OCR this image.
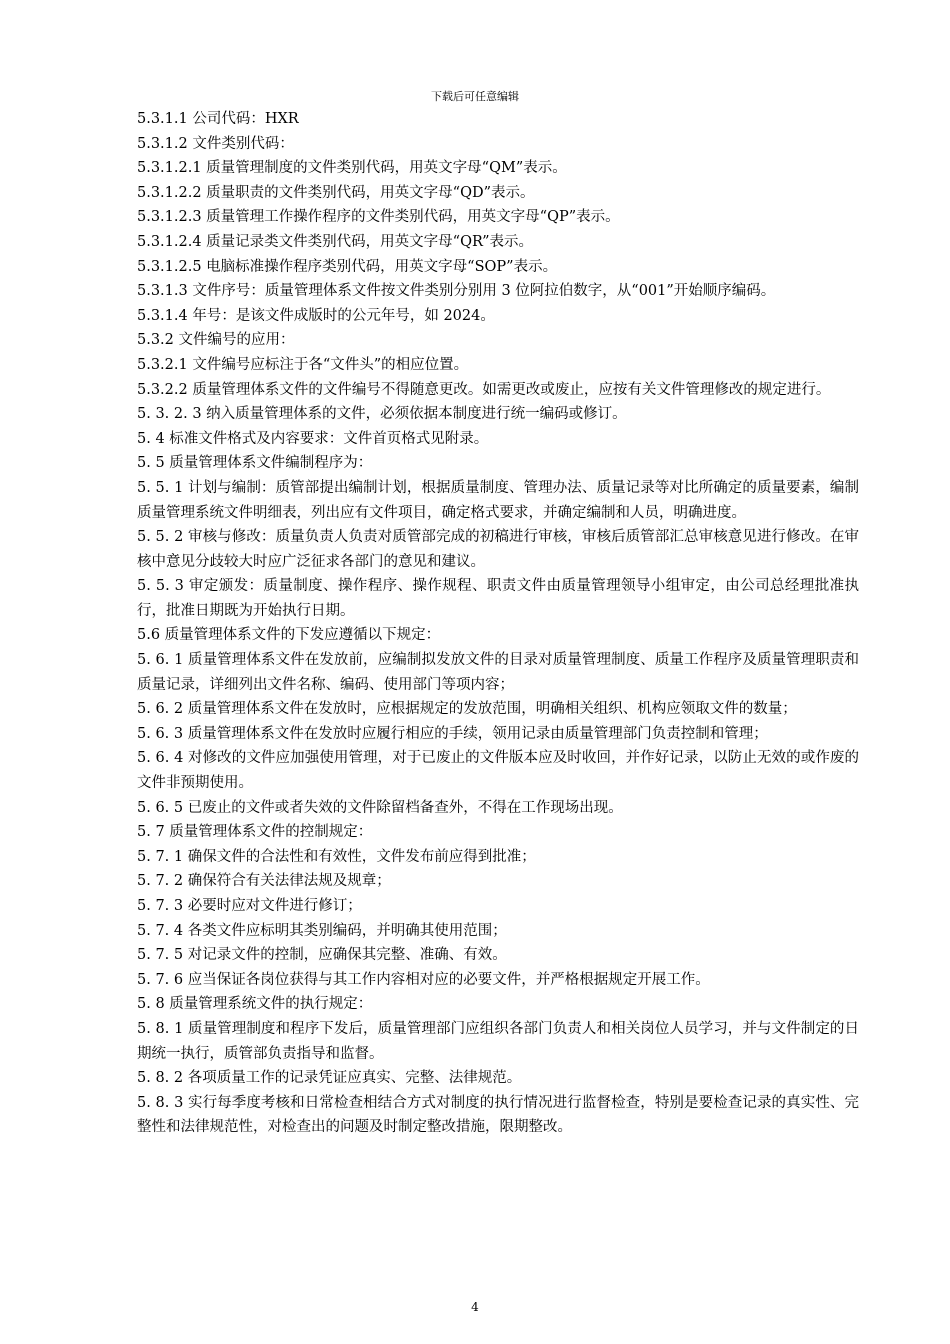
下载后可任意编辑

5.3.1.1 公司代码：HXR

5.3.1.2 文件类别代码：

5.3.1.2.1 质量管理制度的文件类别代码，用英文字母“QM”表示。

5.3.1.2.2 质量职责的文件类别代码，用英文字母“QD”表示。

5.3.1.2.3 质量管理工作操作程序的文件类别代码，用英文字母“QP”表示。

5.3.1.2.4 质量记录类文件类别代码，用英文字母“QR”表示。

5.3.1.2.5 电脑标准操作程序类别代码，用英文字母“SOP”表示。

5.3.1.3 文件序号：质量管理体系文件按文件类别分别用 3 位阿拉伯数字，从“001”开始顺序编码。

5.3.1.4 年号：是该文件成版时的公元年号，如 2024。

5.3.2 文件编号的应用：

5.3.2.1 文件编号应标注于各“文件头”的相应位置。

5.3.2.2 质量管理体系文件的文件编号不得随意更改。如需更改或废止，应按有关文件管理修改的规定进行。

5. 3. 2. 3 纳入质量管理体系的文件，必须依据本制度进行统一编码或修订。

5. 4 标准文件格式及内容要求：文件首页格式见附录。

5. 5 质量管理体系文件编制程序为：

5. 5. 1 计划与编制：质管部提出编制计划，根据质量制度、管理办法、质量记录等对比所确定的质量要素，编制质量管理系统文件明细表，列出应有文件项目，确定格式要求，并确定编制和人员，明确进度。

5. 5. 2 审核与修改：质量负责人负责对质管部完成的初稿进行审核，审核后质管部汇总审核意见进行修改。在审核中意见分歧较大时应广泛征求各部门的意见和建议。

5. 5. 3 审定颁发：质量制度、操作程序、操作规程、职责文件由质量管理领导小组审定，由公司总经理批准执行，批准日期既为开始执行日期。

5.6 质量管理体系文件的下发应遵循以下规定：

5. 6. 1 质量管理体系文件在发放前，应编制拟发放文件的目录对质量管理制度、质量工作程序及质量管理职责和质量记录，详细列出文件名称、编码、使用部门等项内容；

5. 6. 2 质量管理体系文件在发放时，应根据规定的发放范围，明确相关组织、机构应领取文件的数量；

5. 6. 3 质量管理体系文件在发放时应履行相应的手续，领用记录由质量管理部门负责控制和管理；

5. 6. 4 对修改的文件应加强使用管理，对于已废止的文件版本应及时收回，并作好记录，以防止无效的或作废的文件非预期使用。

5. 6. 5 已废止的文件或者失效的文件除留档备查外，不得在工作现场出现。

5. 7 质量管理体系文件的控制规定：

5. 7. 1 确保文件的合法性和有效性，文件发布前应得到批准；

5. 7. 2 确保符合有关法律法规及规章；

5. 7. 3 必要时应对文件进行修订；

5. 7. 4 各类文件应标明其类别编码，并明确其使用范围；

5. 7. 5 对记录文件的控制，应确保其完整、准确、有效。

5. 7. 6 应当保证各岗位获得与其工作内容相对应的必要文件，并严格根据规定开展工作。

5. 8 质量管理系统文件的执行规定：

5. 8. 1 质量管理制度和程序下发后，质量管理部门应组织各部门负责人和相关岗位人员学习，并与文件制定的日期统一执行，质管部负责指导和监督。

5. 8. 2 各项质量工作的记录凭证应真实、完整、法律规范。

5. 8. 3 实行每季度考核和日常检查相结合方式对制度的执行情况进行监督检查，特别是要检查记录的真实性、完整性和法律规范性，对检查出的问题及时制定整改措施，限期整改。

4
